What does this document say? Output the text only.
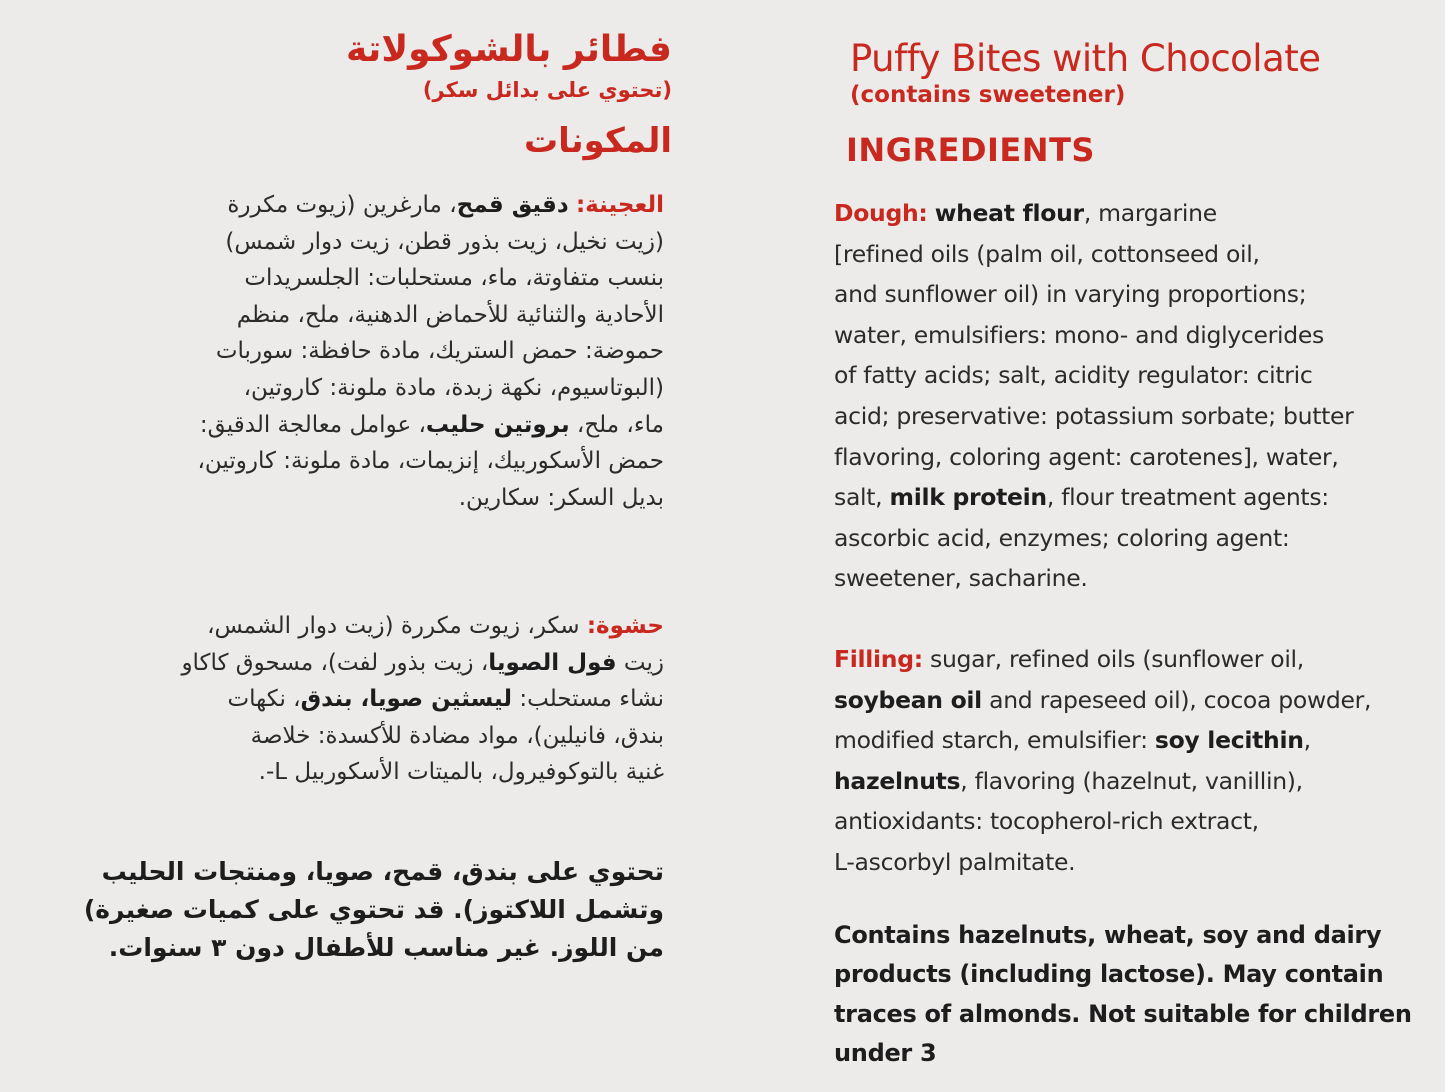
فطائر بالشوكولاتة

(تحتوي على بدائل سكر)

المكونات
العجينة: دقيق قمح، مارغرين (زيوت مكررة
(زيت نخيل، زيت بذور قطن، زيت دوار شمس)
بنسب متفاوتة، ماء، مستحلبات: الجلسريدات
الأحادية والثنائية للأحماض الدهنية، ملح، منظم
حموضة: حمض الستريك، مادة حافظة: سوربات
(البوتاسيوم، نكهة زبدة، مادة ملونة: كاروتين،
ماء، ملح، بروتين حليب، عوامل معالجة الدقيق:
حمض الأسكوربيك، إنزيمات، مادة ملونة: كاروتين،
بديل السكر: سكارين.
حشوة: سكر، زيوت مكررة (زيت دوار الشمس،
زيت فول الصويا، زيت بذور لفت)، مسحوق كاكاو
نشاء مستحلب: ليسثين صويا، بندق، نكهات
بندق، فانيلين)، مواد مضادة للأكسدة: خلاصة
غنية بالتوكوفيرول، بالميتات الأسكوربيل L-.
تحتوي على بندق، قمح، صويا، ومنتجات الحليب
وتشمل اللاكتوز). قد تحتوي على كميات صغيرة)
من اللوز. غير مناسب للأطفال دون ٣ سنوات.
Puffy Bites with Chocolate

(contains sweetener)

INGREDIENTS
Dough: wheat flour, margarine
[refined oils (palm oil, cottonseed oil,
and sunflower oil) in varying proportions;
water, emulsifiers: mono- and diglycerides
of fatty acids; salt, acidity regulator: citric
acid; preservative: potassium sorbate; butter
flavoring, coloring agent: carotenes], water,
salt, milk protein, flour treatment agents:
ascorbic acid, enzymes; coloring agent:
sweetener, sacharine.
Filling: sugar, refined oils (sunflower oil,
soybean oil and rapeseed oil), cocoa powder,
modified starch, emulsifier: soy lecithin,
hazelnuts, flavoring (hazelnut, vanillin),
antioxidants: tocopherol-rich extract,
L-ascorbyl palmitate.
Contains hazelnuts, wheat, soy and dairy
products (including lactose). May contain
traces of almonds. Not suitable for children
under 3
